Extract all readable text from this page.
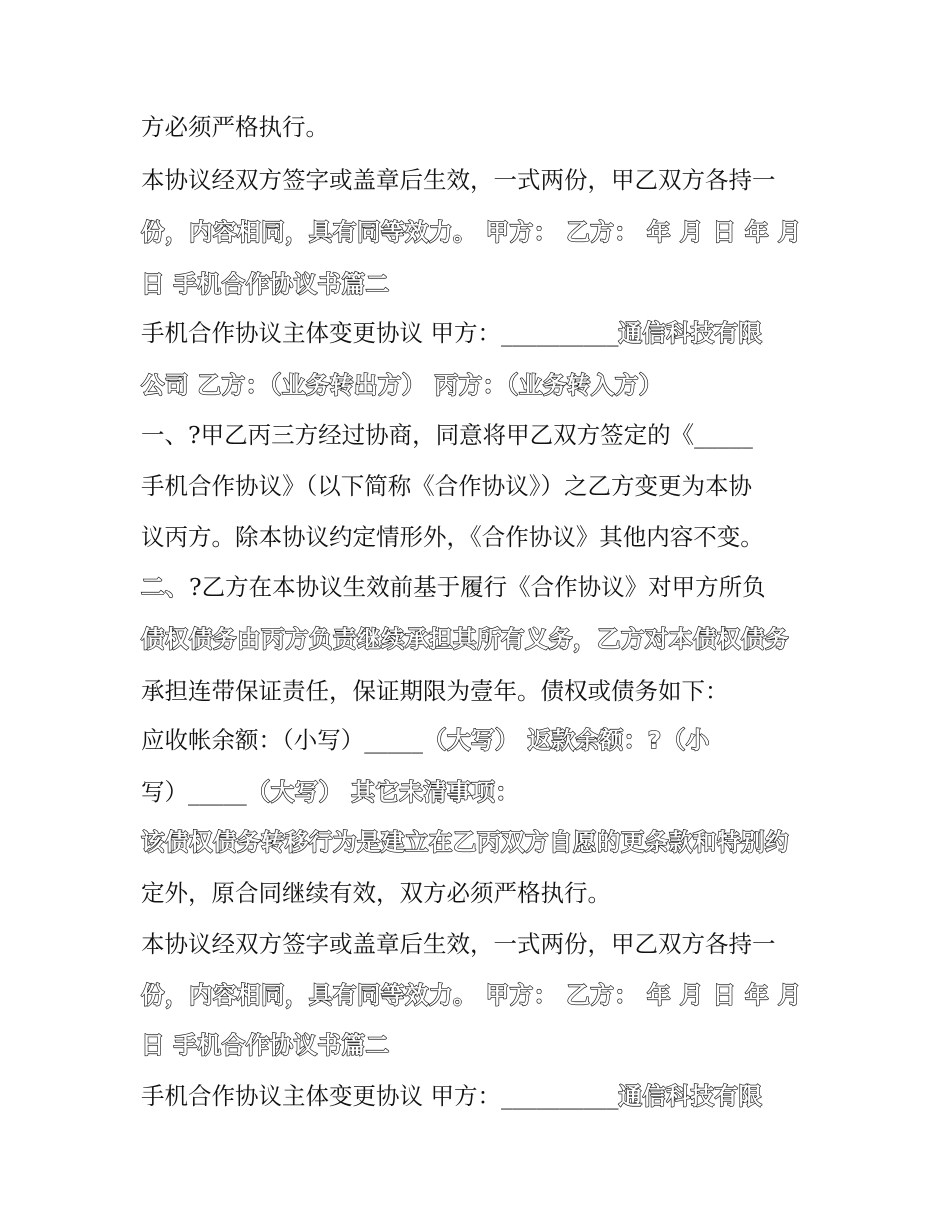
方必须严格执行。
本协议经双方签字或盖章后生效，一式两份，甲乙双方各持一
份，内容相同，具有同等效力。 甲方： 乙方： 年 月 日 年 月
日 手机合作协议书篇二
手机合作协议主体变更协议 甲方：__________通信科技有限
公司 乙方：（业务转出方） 丙方：（业务转入方）
一、?甲乙丙三方经过协商，同意将甲乙双方签定的《_____
手机合作协议》（以下简称《合作协议》）之乙方变更为本协
议丙方。除本协议约定情形外，《合作协议》其他内容不变。
二、?乙方在本协议生效前基于履行《合作协议》对甲方所负
债权债务由丙方负责继续承担其所有义务，乙方对本债权债务
承担连带保证责任，保证期限为壹年。债权或债务如下：
应收帐余额：（小写）_____（大写） 返款余额：?（小
写）_____（大写） 其它未清事项：
该债权债务转移行为是建立在乙丙双方自愿的更条款和特别约
定外，原合同继续有效，双方必须严格执行。
本协议经双方签字或盖章后生效，一式两份，甲乙双方各持一
份，内容相同，具有同等效力。 甲方： 乙方： 年 月 日 年 月
日 手机合作协议书篇二
手机合作协议主体变更协议 甲方：__________通信科技有限
